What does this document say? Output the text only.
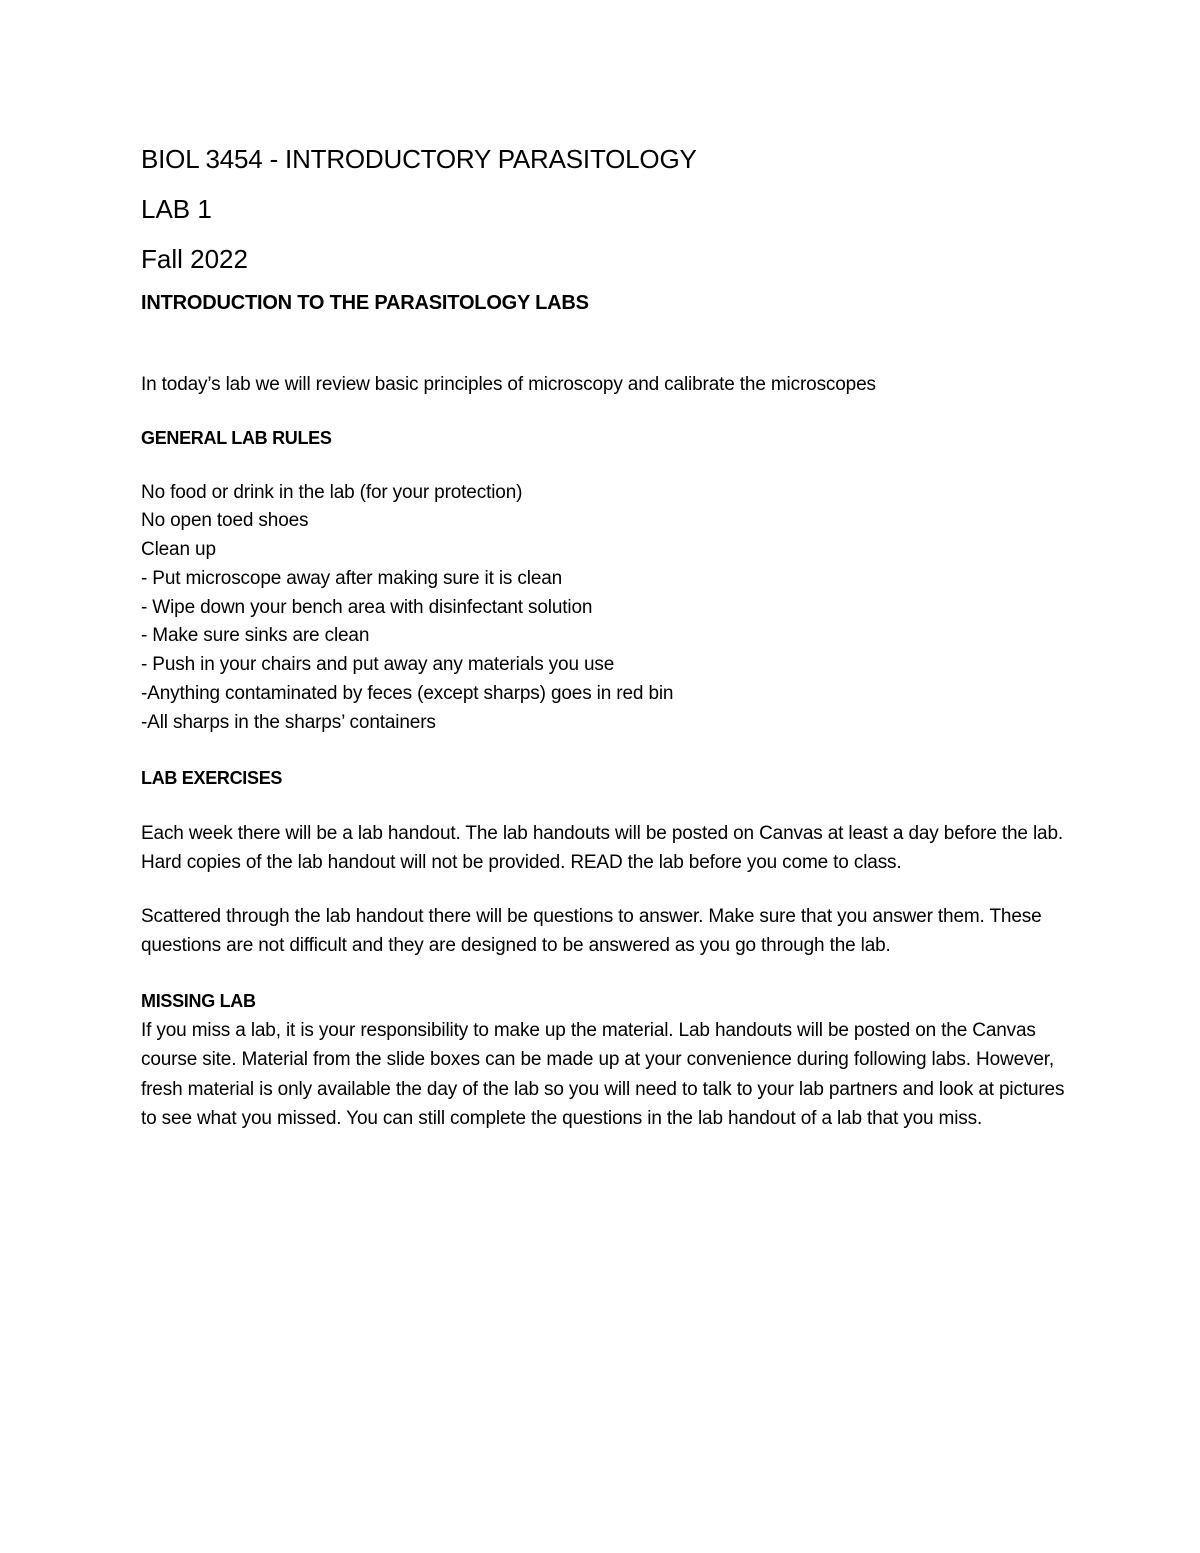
BIOL 3454 - INTRODUCTORY PARASITOLOGY

LAB 1

Fall 2022

INTRODUCTION TO THE PARASITOLOGY LABS

In today’s lab we will review basic principles of microscopy and calibrate the microscopes

GENERAL LAB RULES
No food or drink in the lab (for your protection)
No open toed shoes
Clean up
- Put microscope away after making sure it is clean
- Wipe down your bench area with disinfectant solution
- Make sure sinks are clean
- Push in your chairs and put away any materials you use
-Anything contaminated by feces (except sharps) goes in red bin
-All sharps in the sharps’ containers
LAB EXERCISES

Each week there will be a lab handout. The lab handouts will be posted on Canvas at least a day before the lab. Hard copies of the lab handout will not be provided. READ the lab before you come to class.

Scattered through the lab handout there will be questions to answer. Make sure that you answer them. These questions are not difficult and they are designed to be answered as you go through the lab.

MISSING LAB

If you miss a lab, it is your responsibility to make up the material. Lab handouts will be posted on the Canvas course site. Material from the slide boxes can be made up at your convenience during following labs. However, fresh material is only available the day of the lab so you will need to talk to your lab partners and look at pictures to see what you missed. You can still complete the questions in the lab handout of a lab that you miss.
